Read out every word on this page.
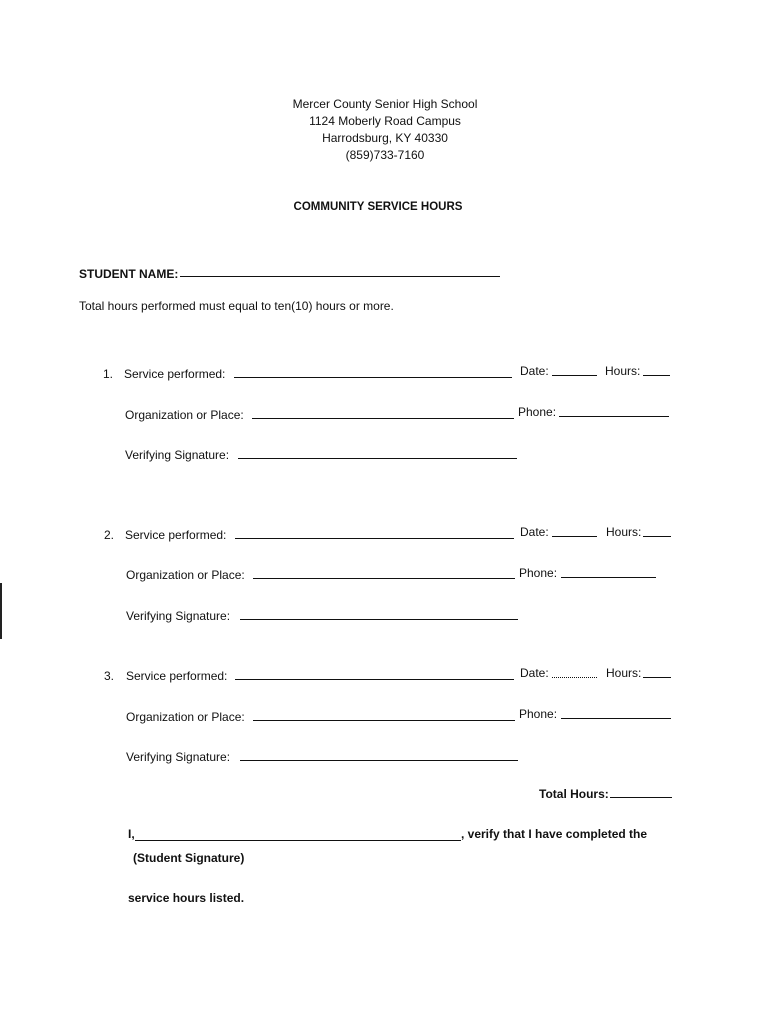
Mercer County Senior High School
1124 Moberly Road Campus
Harrodsburg, KY 40330
(859)733-7160
COMMUNITY SERVICE HOURS
STUDENT NAME:
Total hours performed must equal to ten(10) hours or more.
1. Service performed:	Date:	Hours:
Organization or Place:	Phone:
Verifying Signature:
2. Service performed:	Date:	Hours:
Organization or Place:	Phone:
Verifying Signature:
3. Service performed:	Date:	Hours:
Organization or Place:	Phone:
Verifying Signature:
Total Hours:
I,	, verify that I have completed the
(Student Signature)
service hours listed.
